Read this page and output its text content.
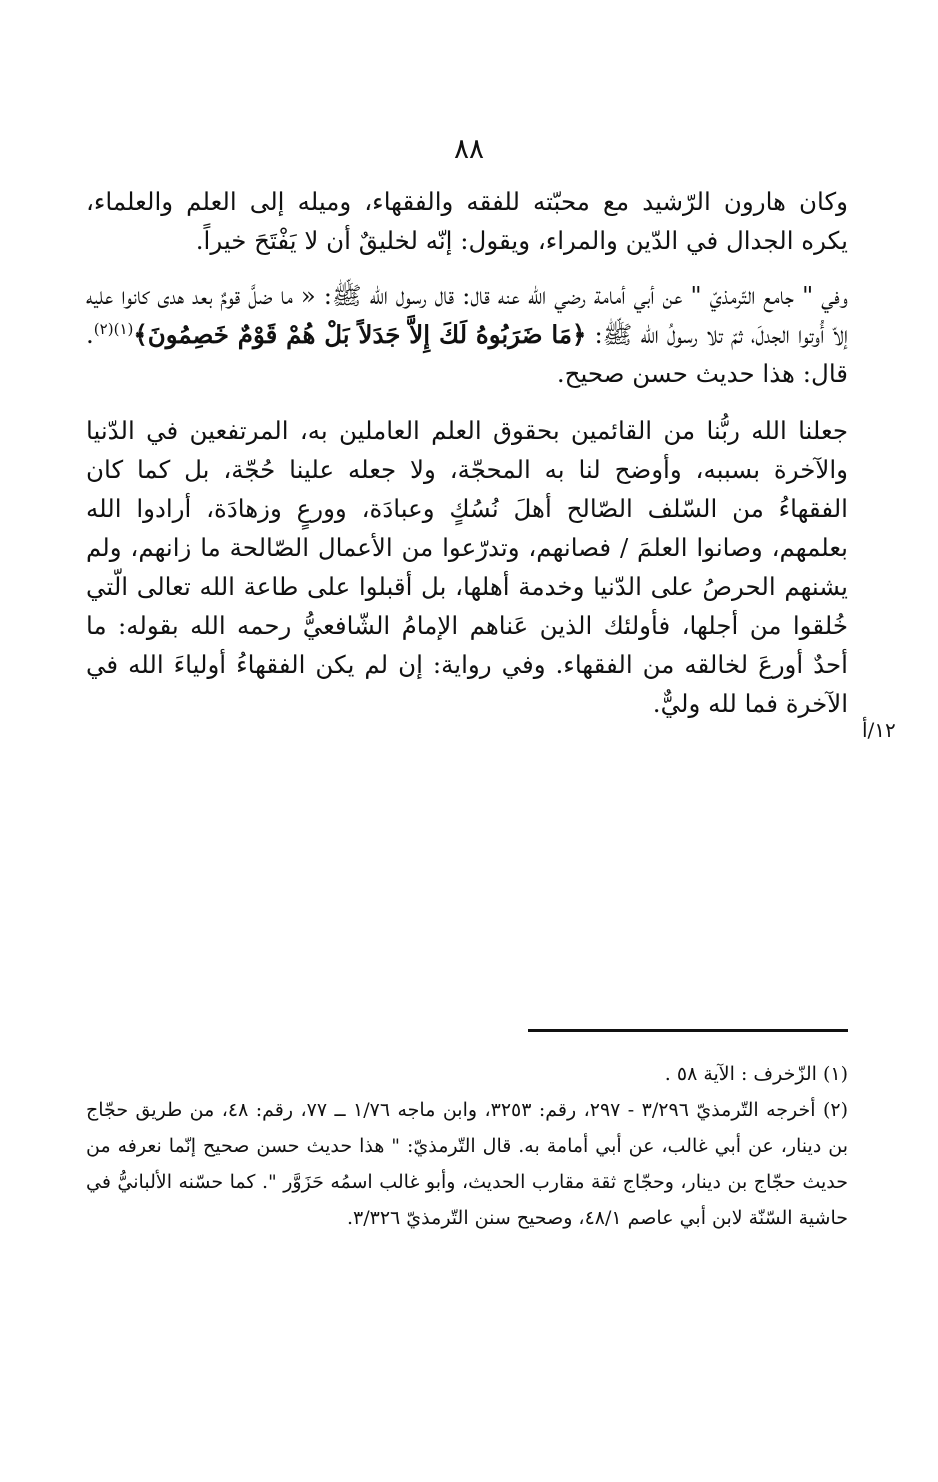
٨٨

وكان هارون الرّشيد مع محبّته للفقه والفقهاء، وميله إلى العلم والعلماء، يكره الجدال في الدّين والمراء، ويقول: إنّه لخليقٌ أن لا يَفْتَحَ خيراً.

وفي " جامع التّرمذيّ " عن أبي أمامة رضي الله عنه قال: قال رسول الله ﷺ: « ما ضلَّ قومٌ بعد هدى كانوا عليه إلاّ أُوتوا الجدلَ، ثمّ تلا رسولُ الله ﷺ: ﴿مَا ضَرَبُوهُ لَكَ إِلاَّ جَدَلاً بَلْ هُمْ قَوْمٌ خَصِمُونَ﴾$^{(١)(٢)}$. قال: هذا حديث حسن صحيح.

جعلنا الله ربُّنا من القائمين بحقوق العلم العاملين به، المرتفعين في الدّنيا والآخرة بسببه، وأوضح لنا به المحجّة، ولا جعله علينا حُجّة، بل كما كان الفقهاءُ من السّلف الصّالح أهلَ نُسُكٍ وعبادَة، وورعٍ وزهادَة، أرادوا الله بعلمهم، وصانوا العلمَ / فصانهم، وتدرّعوا من الأعمال الصّالحة ما زانهم، ولم يشنهم الحرصُ على الدّنيا وخدمة أهلها، بل أقبلوا على طاعة الله تعالى الّتي خُلقوا من أجلها، فأولئك الذين عَناهم الإمامُ الشّافعيُّ رحمه الله بقوله: ما أحدٌ أورعَ لخالقه من الفقهاء. وفي رواية: إن لم يكن الفقهاءُ أولياءَ الله في الآخرة فما لله وليٌّ.

١٢/أ

(١) الزّخرف : الآية ٥٨ .

(٢) أخرجه التّرمذيّ ٣/٢٩٦ - ٢٩٧، رقم: ٣٢٥٣، وابن ماجه ١/٧٦ ــ ٧٧، رقم: ٤٨، من طريق حجّاج بن دينار، عن أبي غالب، عن أبي أمامة به. قال التّرمذيّ: " هذا حديث حسن صحيح إنّما نعرفه من حديث حجّاج بن دينار، وحجّاج ثقة مقارب الحديث، وأبو غالب اسمُه حَزَوَّر ". كما حسّنه الألبانيُّ في حاشية السّنّة لابن أبي عاصم ٤٨/١، وصحيح سنن التّرمذيّ ٣/٣٢٦.
